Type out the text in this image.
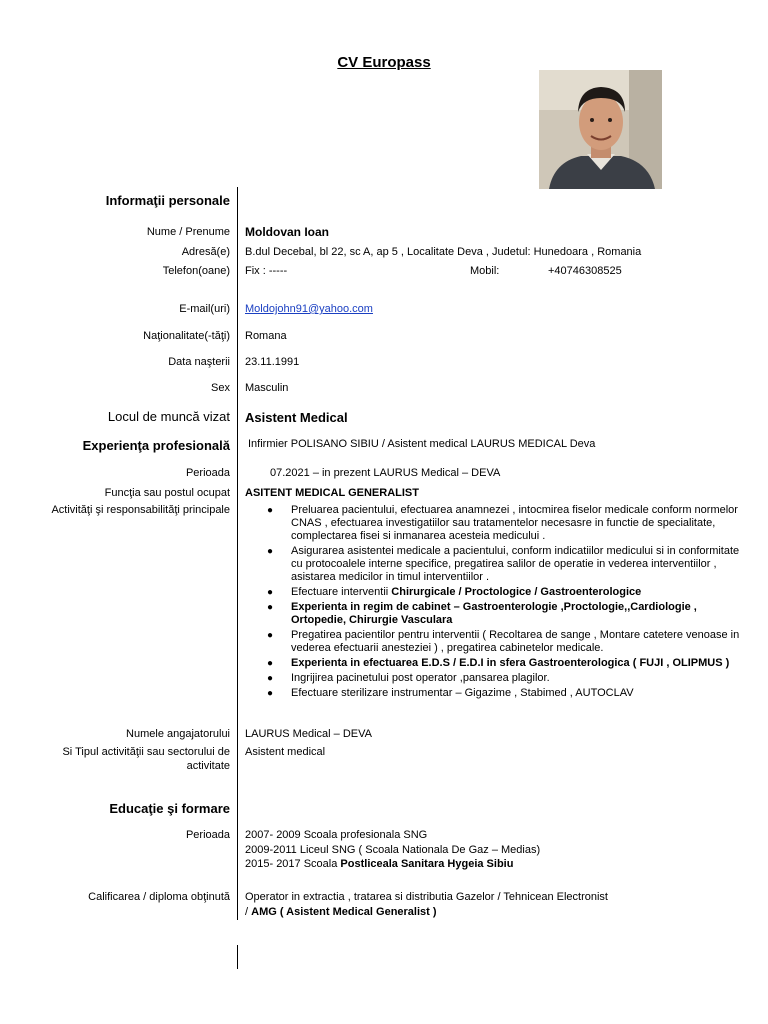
CV Europass
Informaţii personale
Nume / Prenume Moldovan Ioan
Adresă(e) B.dul Decebal, bl 22, sc A, ap 5 , Localitate Deva , Judetul: Hunedoara , Romania
Telefon(oane) Fix : -----	Mobil:	+40746308525
E-mail(uri) Moldojohn91@yahoo.com
Naţionalitate(-tăţi) Romana
Data naşterii 23.11.1991
Sex Masculin
Locul de muncă vizat Asistent Medical
Experienţa profesională Infirmier POLISANO SIBIU / Asistent medical LAURUS MEDICAL Deva
Perioada	07.2021 – in prezent LAURUS Medical – DEVA
Funcţia sau postul ocupat ASITENT MEDICAL GENERALIST
Activităţi şi responsabilităţi principale	● Preluarea pacientului, efectuarea anamnezei , intocmirea fiselor medicale conform normelor CNAS , efectuarea investigatiilor sau tratamentelor necesasre in functie de specialitate, complectarea fisei si inmanarea acesteia medicului .
● Asigurarea asistentei medicale a pacientului, conform indicatiilor medicului si in conformitate cu protocoalele interne specifice, pregatirea salilor de operatie in vederea interventiilor , asistarea medicilor in timul interventiilor .
● Efectuare interventii Chirurgicale / Proctologice / Gastroenterologice
● Experienta in regim de cabinet – Gastroenterologie ,Proctologie,,Cardiologie , Ortopedie, Chirurgie Vasculara
● Pregatirea pacientilor pentru interventii ( Recoltarea de sange , Montare catetere venoase in vederea efectuarii anesteziei ) , pregatirea cabinetelor medicale.
● Experienta in efectuarea E.D.S / E.D.I in sfera Gastroenterologica ( FUJI , OLIPMUS )
● Ingrijirea pacinetului post operator ,pansarea plagilor.
● Efectuare sterilizare instrumentar – Gigazime , Stabimed , AUTOCLAV
Numele angajatorului LAURUS Medical – DEVA
Si Tipul activităţii sau sectorului de
activitate
Asistent medical
Educaţie şi formare
Perioada 2007- 2009 Scoala profesionala SNG
2009-2011 Liceul SNG ( Scoala Nationala De Gaz – Medias)
2015- 2017 Scoala Postliceala Sanitara Hygeia Sibiu
Calificarea / diploma obţinută Operator in extractia , tratarea si distributia Gazelor / Tehnicean Electronist
/ AMG ( Asistent Medical Generalist )
